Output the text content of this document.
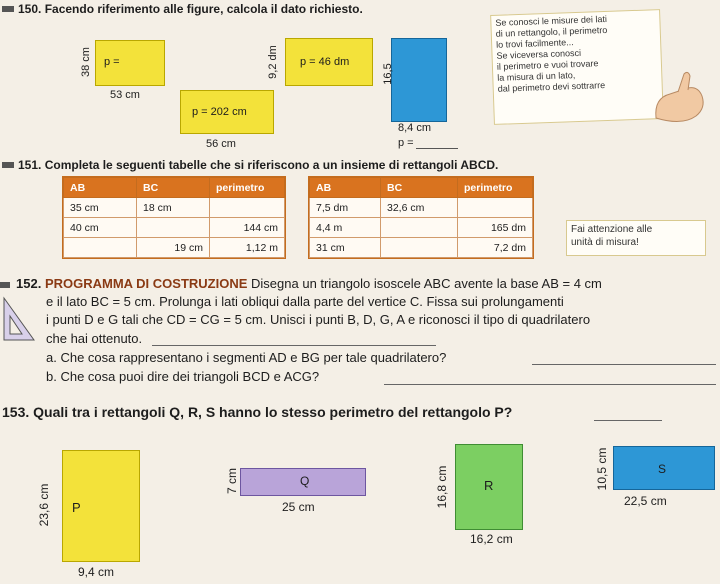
150. Facendo riferimento alle figure, calcola il dato richiesto.
p =
38 cm
53 cm
p = 46 dm
9,2 dm
p = 202 cm
56 cm
16,5
8,4 cm
p =
Se conosci le misure dei lati
di un rettangolo, il perimetro
lo trovi facilmente...
Se viceversa conosci
il perimetro e vuoi trovare
la misura di un lato,
dal perimetro devi sottrarre
151. Completa le seguenti tabelle che si riferiscono a un insieme di rettangoli ABCD.
AB	BC	perimetro
35 cm	18 cm	
40 cm		144 cm
	19 cm	1,12 m
AB	BC	perimetro
7,5 dm	32,6 cm	
4,4 m		165 dm
31 cm		7,2 dm
Fai attenzione alle
unità di misura!
152. PROGRAMMA DI COSTRUZIONE Disegna un triangolo isoscele ABC avente la base AB = 4 cm
e il lato BC = 5 cm. Prolunga i lati obliqui dalla parte del vertice C. Fissa sui prolungamenti
i punti D e G tali che CD = CG = 5 cm. Unisci i punti B, D, G, A e riconosci il tipo di quadrilatero
che hai ottenuto.
a. Che cosa rappresentano i segmenti AD e BG per tale quadrilatero?
b. Che cosa puoi dire dei triangoli BCD e ACG?
153. Quali tra i rettangoli Q, R, S hanno lo stesso perimetro del rettangolo P?
P
23,6 cm
9,4 cm
Q
7 cm
25 cm
R
16,8 cm
16,2 cm
S
10,5 cm
22,5 cm
